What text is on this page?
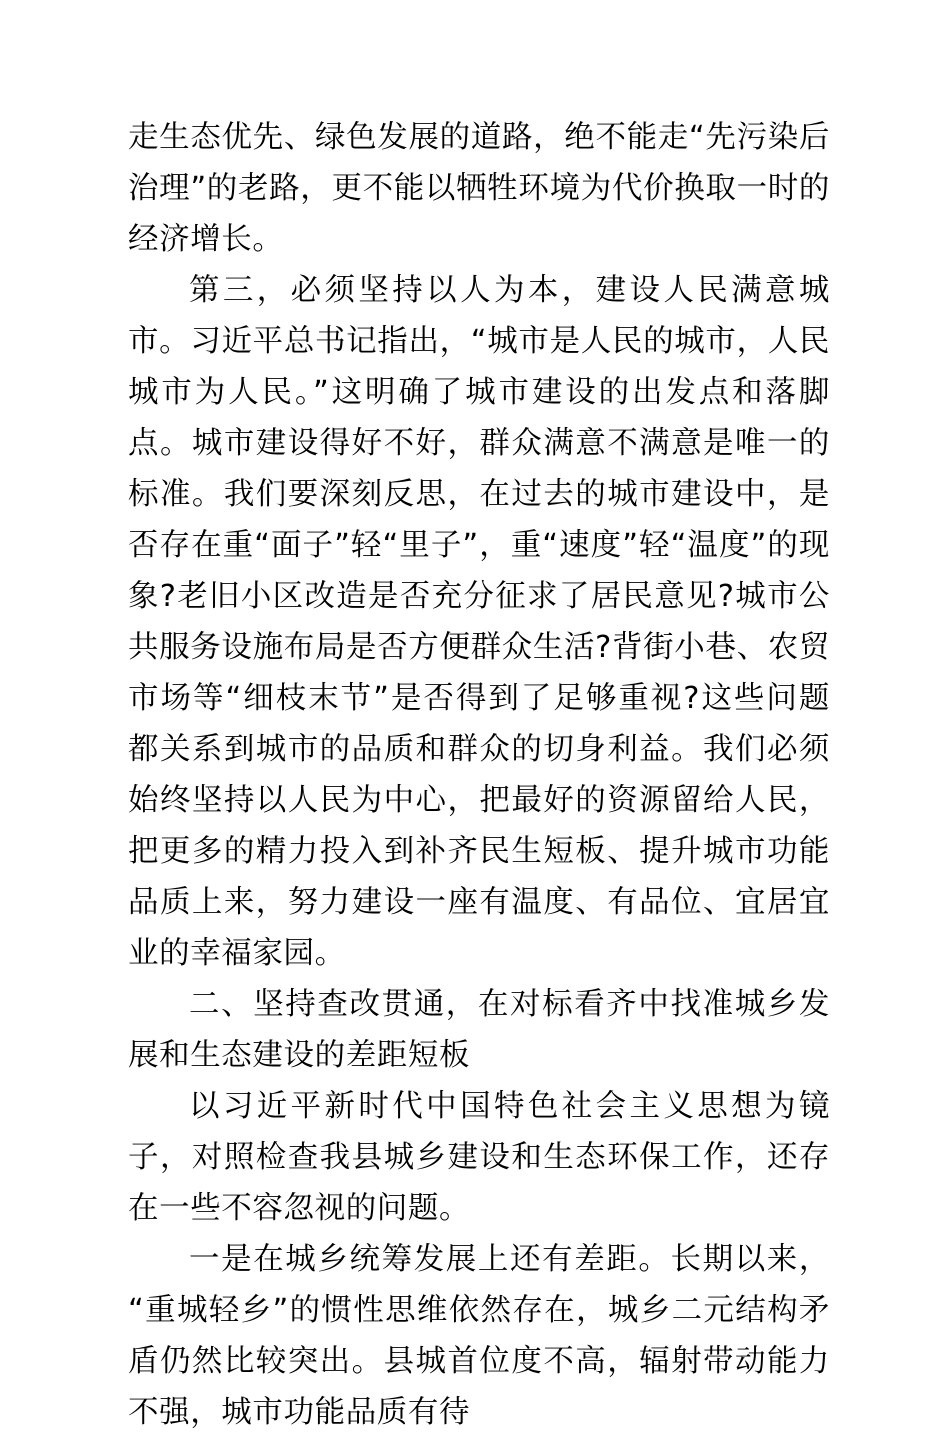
走生态优先、绿色发展的道路，绝不能走“先污染后治理”的老路，更不能以牺牲环境为代价换取一时的经济增长。

第三，必须坚持以人为本，建设人民满意城市。习近平总书记指出，“城市是人民的城市，人民城市为人民。”这明确了城市建设的出发点和落脚点。城市建设得好不好，群众满意不满意是唯一的标准。我们要深刻反思，在过去的城市建设中，是否存在重“面子”轻“里子”，重“速度”轻“温度”的现象?老旧小区改造是否充分征求了居民意见?城市公共服务设施布局是否方便群众生活?背街小巷、农贸市场等“细枝末节”是否得到了足够重视?这些问题都关系到城市的品质和群众的切身利益。我们必须始终坚持以人民为中心，把最好的资源留给人民，把更多的精力投入到补齐民生短板、提升城市功能品质上来，努力建设一座有温度、有品位、宜居宜业的幸福家园。

二、坚持查改贯通，在对标看齐中找准城乡发展和生态建设的差距短板

以习近平新时代中国特色社会主义思想为镜子，对照检查我县城乡建设和生态环保工作，还存在一些不容忽视的问题。

一是在城乡统筹发展上还有差距。长期以来，“重城轻乡”的惯性思维依然存在，城乡二元结构矛盾仍然比较突出。县城首位度不高，辐射带动能力不强，城市功能品质有待
